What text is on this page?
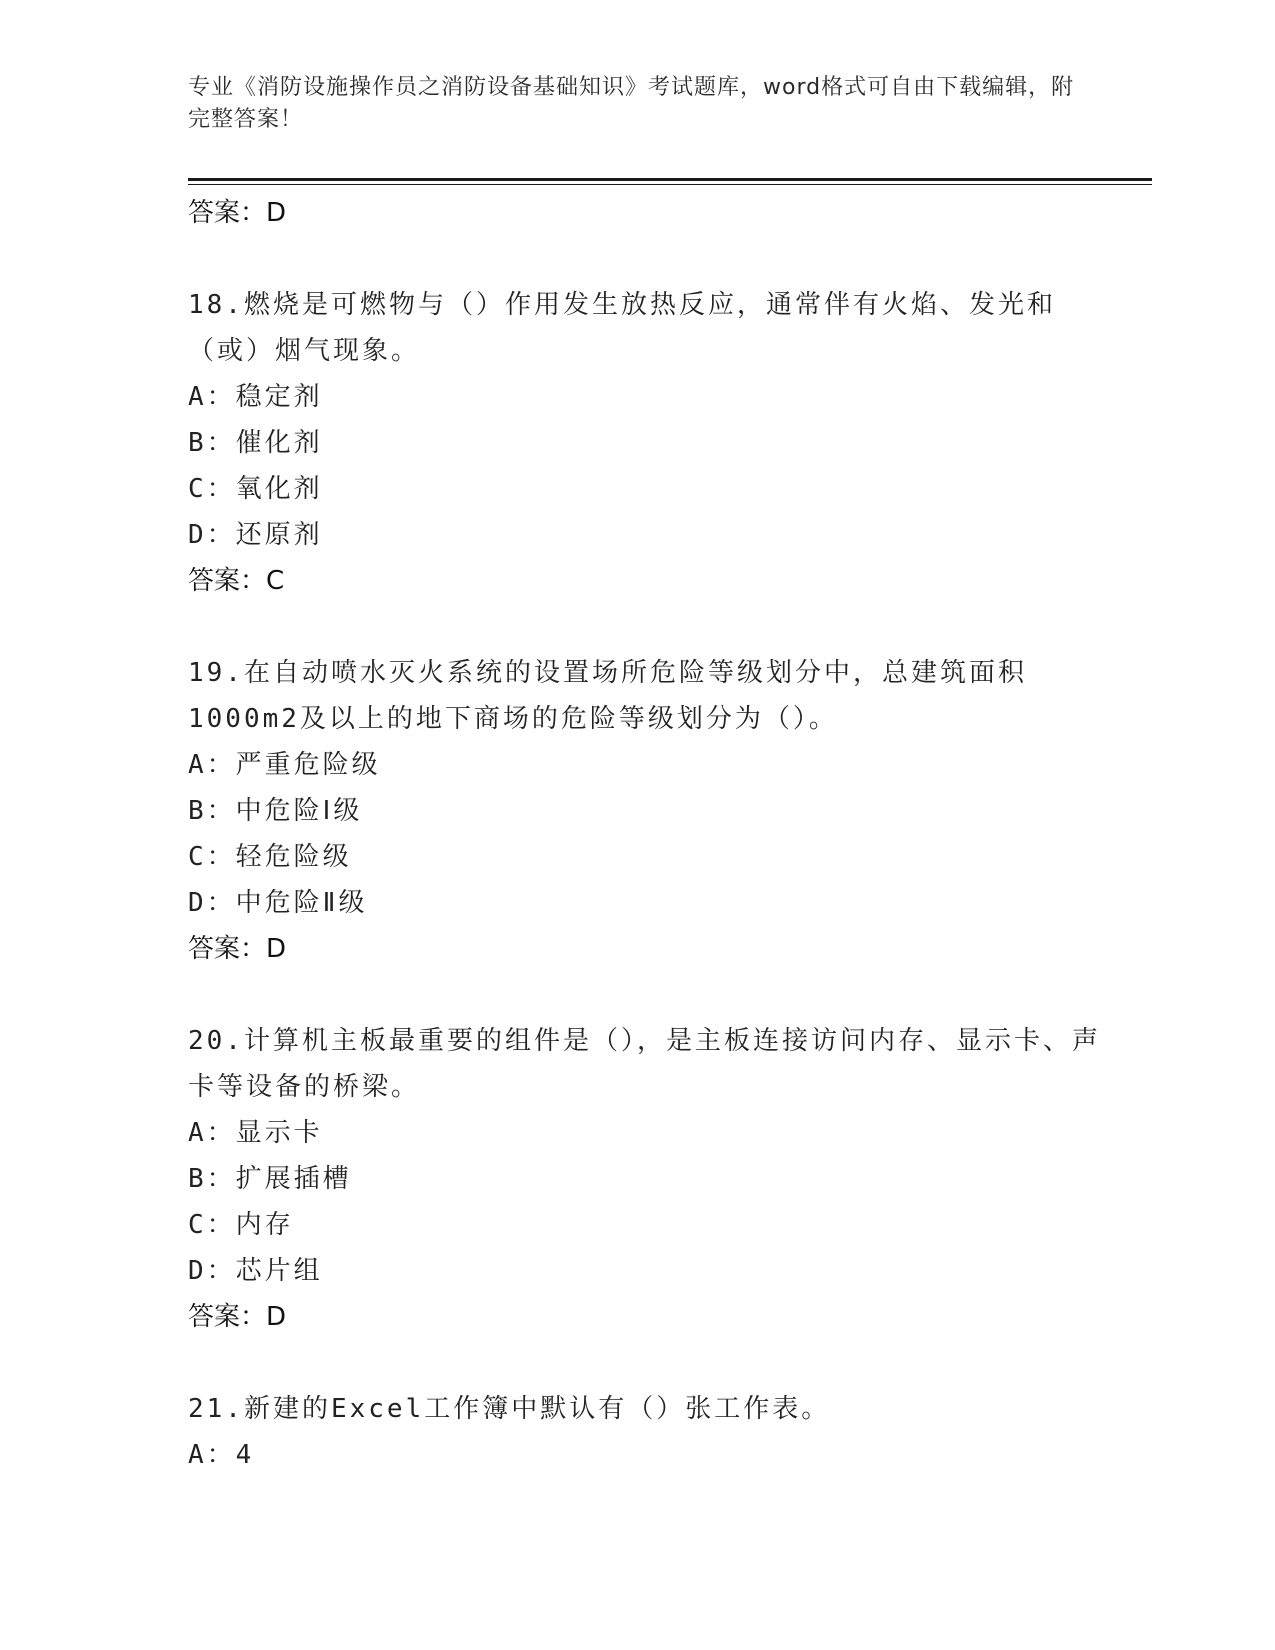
专业《消防设施操作员之消防设备基础知识》考试题库，word格式可自由下载编辑，附完整答案！
答案：D
18.燃烧是可燃物与（）作用发生放热反应，通常伴有火焰、发光和（或）烟气现象。
A：稳定剂
B：催化剂
C：氧化剂
D：还原剂
答案：C
19.在自动喷水灭火系统的设置场所危险等级划分中，总建筑面积1000m2及以上的地下商场的危险等级划分为（）。
A：严重危险级
B：中危险Ⅰ级
C：轻危险级
D：中危险Ⅱ级
答案：D
20.计算机主板最重要的组件是（），是主板连接访问内存、显示卡、声卡等设备的桥梁。
A：显示卡
B：扩展插槽
C：内存
D：芯片组
答案：D
21.新建的Excel工作簿中默认有（）张工作表。
A：4
